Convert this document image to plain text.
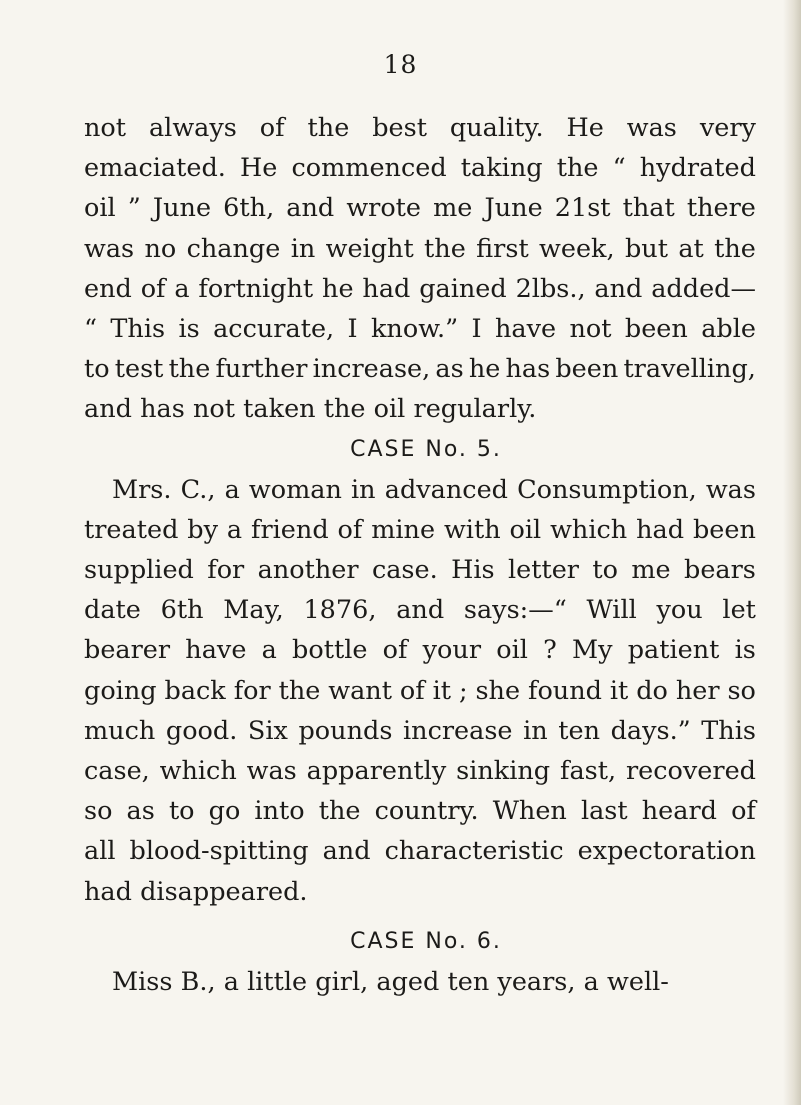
18
not always of the best quality. He was very
emaciated. He commenced taking the “ hydrated
oil ” June 6th, and wrote me June 21st that there
was no change in weight the first week, but at the
end of a fortnight he had gained 2lbs., and added—
“ This is accurate, I know.” I have not been able
to test the further increase, as he has been travelling,
and has not taken the oil regularly.
CASE No. 5.
Mrs. C., a woman in advanced Consumption, was
treated by a friend of mine with oil which had been
supplied for another case. His letter to me bears
date 6th May, 1876, and says:—“ Will you let
bearer have a bottle of your oil ? My patient is
going back for the want of it ; she found it do her so
much good. Six pounds increase in ten days.” This
case, which was apparently sinking fast, recovered
so as to go into the country. When last heard of
all blood-spitting and characteristic expectoration
had disappeared.
CASE No. 6.
Miss B., a little girl, aged ten years, a well-
